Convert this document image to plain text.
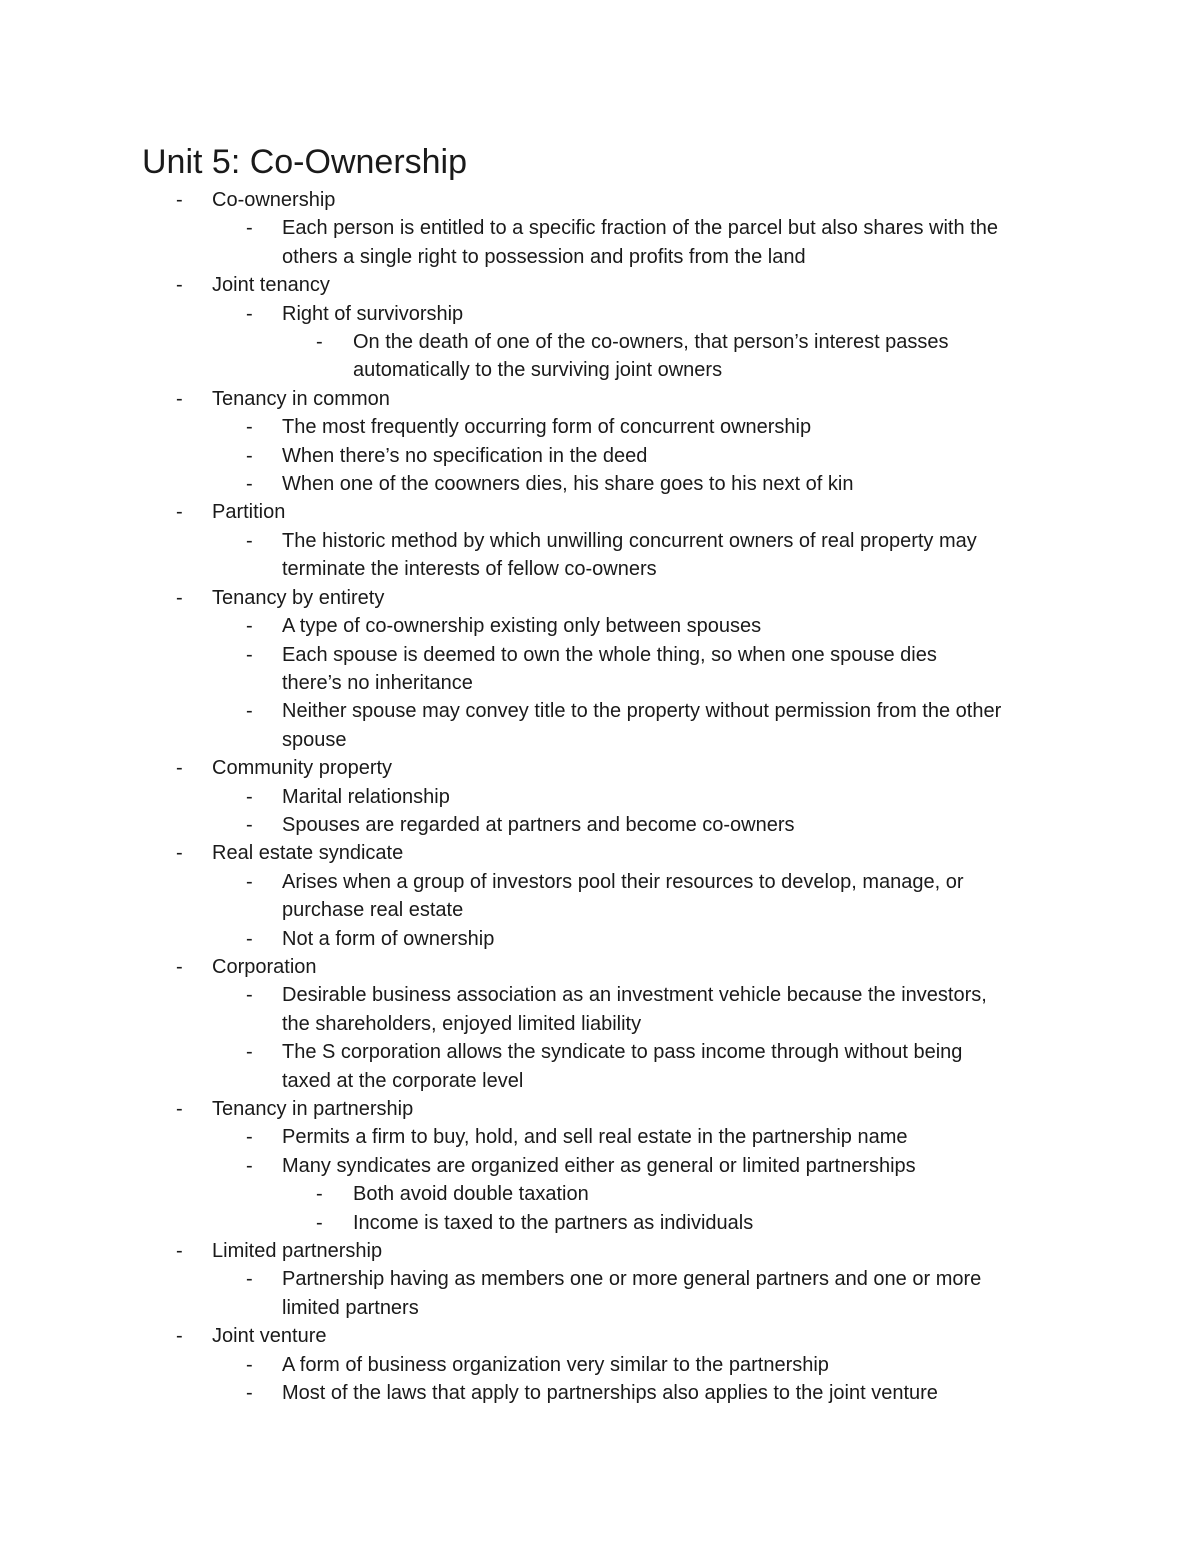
Unit 5: Co-Ownership
- Co-ownership
- Each person is entitled to a specific fraction of the parcel but also shares with the
others a single right to possession and profits from the land
- Joint tenancy
- Right of survivorship
- On the death of one of the co-owners, that person’s interest passes
automatically to the surviving joint owners
- Tenancy in common
- The most frequently occurring form of concurrent ownership
- When there’s no specification in the deed
- When one of the coowners dies, his share goes to his next of kin
- Partition
- The historic method by which unwilling concurrent owners of real property may
terminate the interests of fellow co-owners
- Tenancy by entirety
- A type of co-ownership existing only between spouses
- Each spouse is deemed to own the whole thing, so when one spouse dies
there’s no inheritance
- Neither spouse may convey title to the property without permission from the other
spouse
- Community property
- Marital relationship
- Spouses are regarded at partners and become co-owners
- Real estate syndicate
- Arises when a group of investors pool their resources to develop, manage, or
purchase real estate
- Not a form of ownership
- Corporation
- Desirable business association as an investment vehicle because the investors,
the shareholders, enjoyed limited liability
- The S corporation allows the syndicate to pass income through without being
taxed at the corporate level
- Tenancy in partnership
- Permits a firm to buy, hold, and sell real estate in the partnership name
- Many syndicates are organized either as general or limited partnerships
- Both avoid double taxation
- Income is taxed to the partners as individuals
- Limited partnership
- Partnership having as members one or more general partners and one or more
limited partners
- Joint venture
- A form of business organization very similar to the partnership
- Most of the laws that apply to partnerships also applies to the joint venture
